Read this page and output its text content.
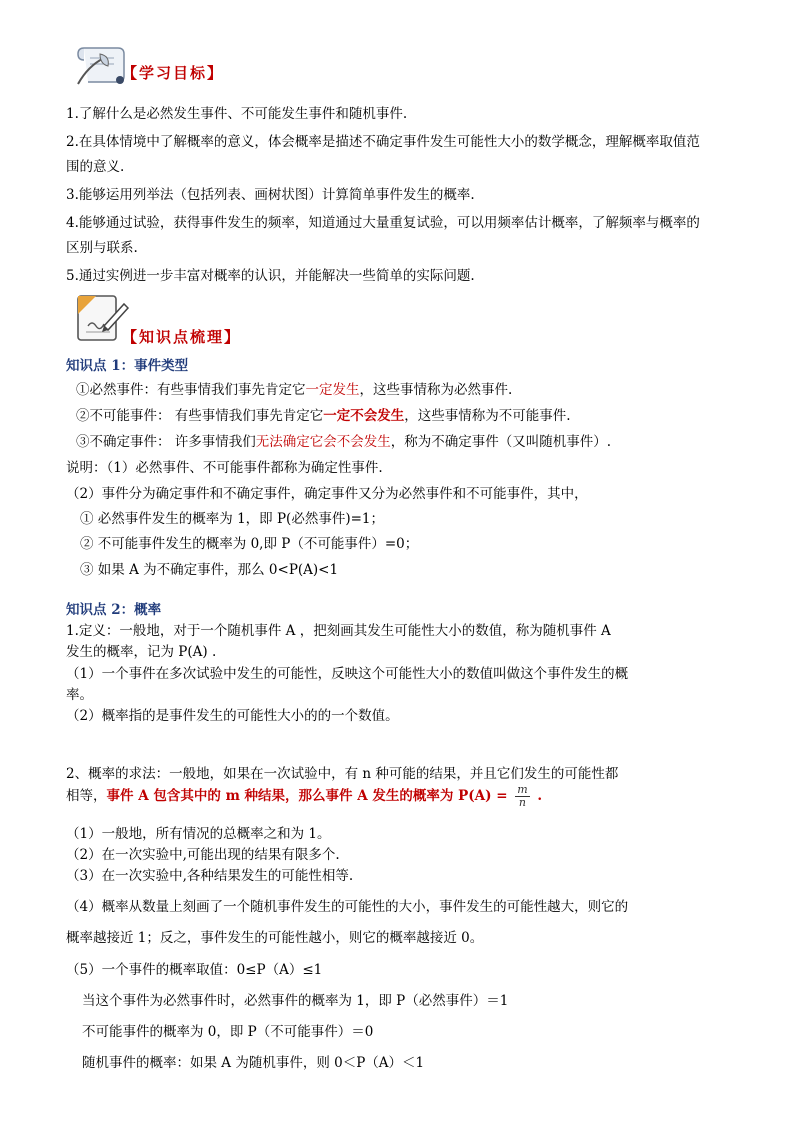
【学习目标】
1.了解什么是必然发生事件、不可能发生事件和随机事件.
2.在具体情境中了解概率的意义，体会概率是描述不确定事件发生可能性大小的数学概念，理解概率取值范
围的意义.
3.能够运用列举法（包括列表、画树状图）计算简单事件发生的概率.
4.能够通过试验，获得事件发生的频率，知道通过大量重复试验，可以用频率估计概率，了解频率与概率的
区别与联系.
5.通过实例进一步丰富对概率的认识，并能解决一些简单的实际问题.
【知识点梳理】
知识点 1：事件类型
①必然事件：有些事情我们事先肯定它一定发生，这些事情称为必然事件.
②不可能事件： 有些事情我们事先肯定它一定不会发生，这些事情称为不可能事件.
③不确定事件： 许多事情我们无法确定它会不会发生，称为不确定事件（又叫随机事件）.
说明：（1）必然事件、不可能事件都称为确定性事件.
（2）事件分为确定事件和不确定事件，确定事件又分为必然事件和不可能事件，其中，
① 必然事件发生的概率为 1，即 P(必然事件)=1；
② 不可能事件发生的概率为 0,即 P（不可能事件）=0；
③ 如果 A 为不确定事件，那么 0<P(A)<1
知识点 2：概率
1.定义：一般地，对于一个随机事件 A ，把刻画其发生可能性大小的数值，称为随机事件 A
发生的概率，记为 P(A) .
（1）一个事件在多次试验中发生的可能性，反映这个可能性大小的数值叫做这个事件发生的概
率。
（2）概率指的是事件发生的可能性大小的的一个数值。
2、概率的求法：一般地，如果在一次试验中，有 n 种可能的结果，并且它们发生的可能性都
相等，事件 A 包含其中的 m 种结果，那么事件 A 发生的概率为 $P(A) = \frac{m}{n}$ .
（1）一般地，所有情况的总概率之和为 1。
（2）在一次实验中,可能出现的结果有限多个.
（3）在一次实验中,各种结果发生的可能性相等.
（4）概率从数量上刻画了一个随机事件发生的可能性的大小，事件发生的可能性越大，则它的
概率越接近 1；反之，事件发生的可能性越小，则它的概率越接近 0。
（5）一个事件的概率取值：0≤P（A）≤1
当这个事件为必然事件时，必然事件的概率为 1，即 P（必然事件）＝1
不可能事件的概率为 0，即 P（不可能事件）＝0
随机事件的概率：如果 A 为随机事件，则 0＜P（A）＜1
